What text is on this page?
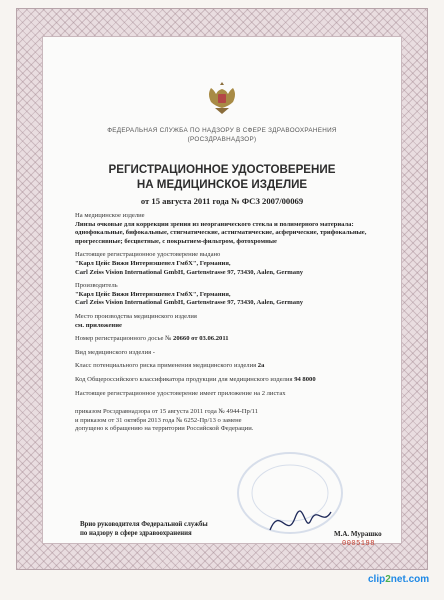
ФЕДЕРАЛЬНАЯ СЛУЖБА ПО НАДЗОРУ В СФЕРЕ ЗДРАВООХРАНЕНИЯ
(РОСЗДРАВНАДЗОР)
РЕГИСТРАЦИОННОЕ УДОСТОВЕРЕНИЕ
НА МЕДИЦИНСКОЕ ИЗДЕЛИЕ
от 15 августа 2011 года № ФСЗ 2007/00069
На медицинское изделие
Линзы очковые для коррекции зрения из неорганического стекла и полимерного материала: однофокальные, бифокальные, стигматические, астигматические, асферические, трифокальные, прогрессивные; бесцветные, с покрытием-фильтром, фотохромные
Настоящее регистрационное удостоверение выдано
"Карл Цейс Вижн Интернэшенел ГмбХ", Германия,
Carl Zeiss Vision International GmbH, Gartenstrasse 97, 73430, Aalen, Germany
Производитель
"Карл Цейс Вижн Интернэшенел ГмбХ", Германия,
Carl Zeiss Vision International GmbH, Gartenstrasse 97, 73430, Aalen, Germany
Место производства медицинского изделия
см. приложение
Номер регистрационного досье № 20660 от 03.06.2011
Вид медицинского изделия -
Класс потенциального риска применения медицинского изделия 2а
Код Общероссийского классификатора продукции для медицинского изделия 94 8000
Настоящее регистрационное удостоверение имеет приложение на 2 листах
приказом Росздравнадзора от 15 августа 2011 года № 4944-Пр/11
и приказом от 31 октября 2013 года № 6252-Пр/13 о замене
допущено к обращению на территории Российской Федерации.
Врио руководителя Федеральной службы
по надзору в сфере здравоохранения	М.А. Мурашко
0005198
clip2net.com
